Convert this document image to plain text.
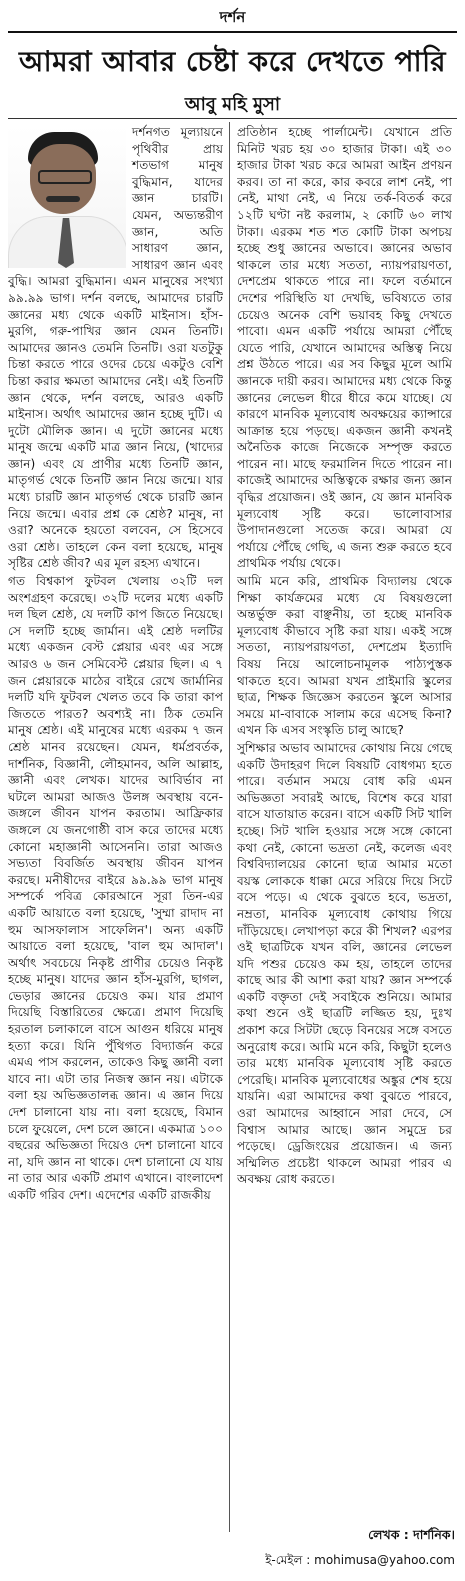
দর্শন
আমরা আবার চেষ্টা করে দেখতে পারি
আবু মহি মুসা

দর্শনগত মূল্যায়নে পৃথিবীর প্রায় শতভাগ মানুষ বুদ্ধিমান, যাদের জ্ঞান চারটি। যেমন, অভ্যন্তরীণ জ্ঞান, অতি সাধারণ জ্ঞান, সাধারণ জ্ঞান এবং বুদ্ধি। আমরা বুদ্ধিমান। এমন মানুষের সংখ্যা ৯৯.৯৯ ভাগ। দর্শন বলছে, আমাদের চারটি জ্ঞানের মধ্য থেকে একটি মাইনাস। হাঁস-মুরগি, গরু-পাখির জ্ঞান যেমন তিনটি। আমাদের জ্ঞানও তেমনি তিনটি। ওরা যতটুকু চিন্তা করতে পারে ওদের চেয়ে একটুও বেশি চিন্তা করার ক্ষমতা আমাদের নেই। এই তিনটি জ্ঞান থেকে, দর্শন বলছে, আরও একটি মাইনাস। অর্থাৎ আমাদের জ্ঞান হচ্ছে দুটি। এ দুটো মৌলিক জ্ঞান। এ দুটো জ্ঞানের মধ্যে মানুষ জন্মে একটি মাত্র জ্ঞান নিয়ে, (খাদ্যের জ্ঞান) এবং যে প্রাণীর মধ্যে তিনটি জ্ঞান, মাতৃগর্ভ থেকে তিনটি জ্ঞান নিয়ে জন্মে। যার মধ্যে চারটি জ্ঞান মাতৃগর্ভ থেকে চারটি জ্ঞান নিয়ে জন্মে। এবার প্রশ্ন কে শ্রেষ্ঠ? মানুষ, না ওরা? অনেকে হয়তো বলবেন, সে হিসেবে ওরা শ্রেষ্ঠ। তাহলে কেন বলা হয়েছে, মানুষ সৃষ্টির শ্রেষ্ঠ জীব? এর মূল রহস্য এখানে।

গত বিশ্বকাপ ফুটবল খেলায় ৩২টি দল অংশগ্রহণ করেছে। ৩২টি দলের মধ্যে একটি দল ছিল শ্রেষ্ঠ, যে দলটি কাপ জিতে নিয়েছে। সে দলটি হচ্ছে জার্মান। এই শ্রেষ্ঠ দলটির মধ্যে একজন বেস্ট প্লেয়ার এবং এর সঙ্গে আরও ৬ জন সেমিবেস্ট প্লেয়ার ছিল। এ ৭ জন প্লেয়ারকে মাঠের বাইরে রেখে জার্মানির দলটি যদি ফুটবল খেলত তবে কি তারা কাপ জিততে পারত? অবশ্যই না। ঠিক তেমনি মানুষ শ্রেষ্ঠ। এই মানুষের মধ্যে এরকম ৭ জন শ্রেষ্ঠ মানব রয়েছেন। যেমন, ধর্মপ্রবর্তক, দার্শনিক, বিজ্ঞানী, লৌহমানব, অলি আল্লাহ, জ্ঞানী এবং লেখক। যাদের আবির্ভাব না ঘটলে আমরা আজও উলঙ্গ অবস্থায় বনে-জঙ্গলে জীবন যাপন করতাম। আফ্রিকার জঙ্গলে যে জনগোষ্ঠী বাস করে তাদের মধ্যে কোনো মহাজ্ঞানী আসেননি। তারা আজও সভ্যতা বিবর্জিত অবস্থায় জীবন যাপন করছে। মনীষীদের বাইরে ৯৯.৯৯ ভাগ মানুষ সম্পর্কে পবিত্র কোরআনে সূরা তিন-এর একটি আয়াতে বলা হয়েছে, 'সুম্মা রাদাদ না হুম আসফালাস সাফেলিন'। অন্য একটি আয়াতে বলা হয়েছে, 'বাল হুম আদাল'। অর্থাৎ সবচেয়ে নিকৃষ্ট প্রাণীর চেয়েও নিকৃষ্ট হচ্ছে মানুষ। যাদের জ্ঞান হাঁস-মুরগি, ছাগল, ভেড়ার জ্ঞানের চেয়েও কম। যার প্রমাণ দিয়েছি বিস্তারিতের ক্ষেত্রে। প্রমাণ দিয়েছি হরতাল চলাকালে বাসে আগুন ধরিয়ে মানুষ হত্যা করে। যিনি পুঁথিগত বিদ্যার্জন করে এমএ পাস করলেন, তাকেও কিছু জ্ঞানী বলা যাবে না। এটা তার নিজস্ব জ্ঞান নয়। এটাকে বলা হয় অভিজ্ঞতালব্ধ জ্ঞান। এ জ্ঞান দিয়ে দেশ চালানো যায় না। বলা হয়েছে, বিমান চলে ফুয়েলে, দেশ চলে জ্ঞানে। একমাত্র ১০০ বছরের অভিজ্ঞতা দিয়েও দেশ চালানো যাবে না, যদি জ্ঞান না থাকে। দেশ চালানো যে যায় না তার আর একটি প্রমাণ এখানে। বাংলাদেশ একটি গরিব দেশ। এদেশের একটি রাজকীয়

প্রতিষ্ঠান হচ্ছে পার্লামেন্ট। যেখানে প্রতি মিনিট খরচ হয় ৩০ হাজার টাকা। এই ৩০ হাজার টাকা খরচ করে আমরা আইন প্রণয়ন করব। তা না করে, কার কবরে লাশ নেই, পা নেই, মাথা নেই, এ নিয়ে তর্ক-বিতর্ক করে ১২টি ঘণ্টা নষ্ট করলাম, ২ কোটি ৬০ লাখ টাকা। এরকম শত শত কোটি টাকা অপচয় হচ্ছে শুধু জ্ঞানের অভাবে। জ্ঞানের অভাব থাকলে তার মধ্যে সততা, ন্যায়পরায়ণতা, দেশপ্রেম থাকতে পারে না। ফলে বর্তমানে দেশের পরিস্থিতি যা দেখছি, ভবিষ্যতে তার চেয়েও অনেক বেশি ভয়াবহ কিছু দেখতে পাবো। এমন একটি পর্যায়ে আমরা পৌঁছে যেতে পারি, যেখানে আমাদের অস্তিত্ব নিয়ে প্রশ্ন উঠতে পারে। এর সব কিছুর মূলে আমি জ্ঞানকে দায়ী করব। আমাদের মধ্য থেকে কিন্তু জ্ঞানের লেভেল ধীরে ধীরে কমে যাচ্ছে। যে কারণে মানবিক মূল্যবোধ অবক্ষয়ের ক্যান্সারে আক্রান্ত হয়ে পড়ছে। একজন জ্ঞানী কখনই অনৈতিক কাজে নিজেকে সম্পৃক্ত করতে পারেন না। মাছে ফরমালিন দিতে পারেন না। কাজেই আমাদের অস্তিত্বকে রক্ষার জন্য জ্ঞান বৃদ্ধির প্রয়োজন। ওই জ্ঞান, যে জ্ঞান মানবিক মূল্যবোধ সৃষ্টি করে। ভালোবাসার উপাদানগুলো সতেজ করে। আমরা যে পর্যায়ে পৌঁছে গেছি, এ জন্য শুরু করতে হবে প্রাথমিক পর্যায় থেকে।

আমি মনে করি, প্রাথমিক বিদ্যালয় থেকে শিক্ষা কার্যক্রমের মধ্যে যে বিষয়গুলো অন্তর্ভুক্ত করা বাঞ্ছনীয়, তা হচ্ছে মানবিক মূল্যবোধ কীভাবে সৃষ্টি করা যায়। একই সঙ্গে সততা, ন্যায়পরায়ণতা, দেশপ্রেম ইত্যাদি বিষয় নিয়ে আলোচনামূলক পাঠ্যপুস্তক থাকতে হবে। আমরা যখন প্রাইমারি স্কুলের ছাত্র, শিক্ষক জিজ্ঞেস করতেন স্কুলে আসার সময়ে মা-বাবাকে সালাম করে এসেছ কিনা? এখন কি এসব সংস্কৃতি চালু আছে?

সুশিক্ষার অভাব আমাদের কোথায় নিয়ে গেছে একটি উদাহরণ দিলে বিষয়টি বোধগম্য হতে পারে। বর্তমান সময়ে বোধ করি এমন অভিজ্ঞতা সবারই আছে, বিশেষ করে যারা বাসে যাতায়াত করেন। বাসে একটি সিট খালি হচ্ছে। সিট খালি হওয়ার সঙ্গে সঙ্গে কোনো কথা নেই, কোনো ভদ্রতা নেই, কলেজ এবং বিশ্ববিদ্যালয়ের কোনো ছাত্র আমার মতো বয়স্ক লোককে ধাক্কা মেরে সরিয়ে দিয়ে সিটে বসে পড়ে। এ থেকে বুঝতে হবে, ভদ্রতা, নম্রতা, মানবিক মূল্যবোধ কোথায় গিয়ে দাঁড়িয়েছে। লেখাপড়া করে কী শিখল? এরপর ওই ছাত্রটিকে যখন বলি, জ্ঞানের লেভেল যদি পশুর চেয়েও কম হয়, তাহলে তাদের কাছে আর কী আশা করা যায়? জ্ঞান সম্পর্কে একটি বক্তৃতা দেই সবাইকে শুনিয়ে। আমার কথা শুনে ওই ছাত্রটি লজ্জিত হয়, দুঃখ প্রকাশ করে সিটটা ছেড়ে বিনয়ের সঙ্গে বসতে অনুরোধ করে। আমি মনে করি, কিছুটা হলেও তার মধ্যে মানবিক মূল্যবোধ সৃষ্টি করতে পেরেছি। মানবিক মূল্যবোধের অঙ্কুর শেষ হয়ে যায়নি। এরা আমাদের কথা বুঝতে পারবে, ওরা আমাদের আহ্বানে সারা দেবে, সে বিশ্বাস আমার আছে। জ্ঞান সমুদ্রে চর পড়েছে। ড্রেজিংয়ের প্রয়োজন। এ জন্য সম্মিলিত প্রচেষ্টা থাকলে আমরা পারব এ অবক্ষয় রোধ করতে।

লেখক : দার্শনিক।
ই-মেইল : mohimusa@yahoo.com
